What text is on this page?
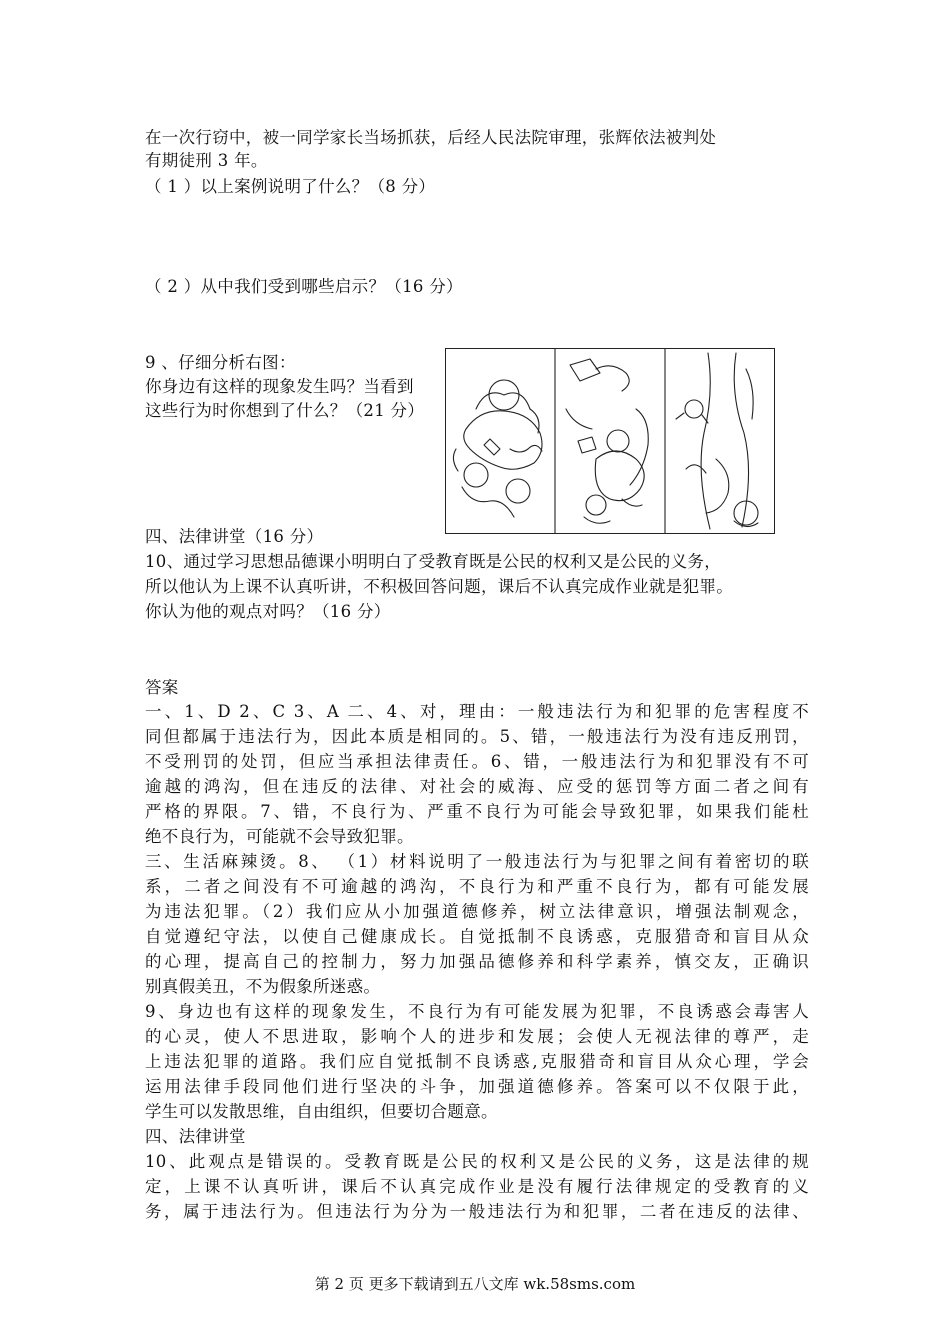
在一次行窃中，被一同学家长当场抓获，后经人民法院审理，张辉依法被判处
有期徒刑 3 年。
（ 1 ）以上案例说明了什么？（8 分）
（ 2 ）从中我们受到哪些启示？（16 分）
9 、仔细分析右图：
你身边有这样的现象发生吗？当看到
这些行为时你想到了什么？（21 分）
四、法律讲堂（16 分）
10、通过学习思想品德课小明明白了受教育既是公民的权利又是公民的义务，
所以他认为上课不认真听讲，不积极回答问题，课后不认真完成作业就是犯罪。
你认为他的观点对吗？（16 分）
答案
一、1、D 2、C 3、A 二、4、对，理由：一般违法行为和犯罪的危害程度不
同但都属于违法行为，因此本质是相同的。5、错，一般违法行为没有违反刑罚，
不受刑罚的处罚，但应当承担法律责任。6、错，一般违法行为和犯罪没有不可
逾越的鸿沟，但在违反的法律、对社会的威海、应受的惩罚等方面二者之间有
严格的界限。7、错，不良行为、严重不良行为可能会导致犯罪，如果我们能杜
绝不良行为，可能就不会导致犯罪。
三、生活麻辣烫。8、 （1）材料说明了一般违法行为与犯罪之间有着密切的联
系，二者之间没有不可逾越的鸿沟，不良行为和严重不良行为，都有可能发展
为违法犯罪。（2）我们应从小加强道德修养，树立法律意识，增强法制观念，
自觉遵纪守法，以使自己健康成长。自觉抵制不良诱惑，克服猎奇和盲目从众
的心理，提高自己的控制力，努力加强品德修养和科学素养，慎交友，正确识
别真假美丑，不为假象所迷惑。
9、身边也有这样的现象发生，不良行为有可能发展为犯罪，不良诱惑会毒害人
的心灵，使人不思进取，影响个人的进步和发展；会使人无视法律的尊严，走
上违法犯罪的道路。我们应自觉抵制不良诱惑,克服猎奇和盲目从众心理，学会
运用法律手段同他们进行坚决的斗争，加强道德修养。答案可以不仅限于此，
学生可以发散思维，自由组织，但要切合题意。
四、法律讲堂
10、此观点是错误的。受教育既是公民的权利又是公民的义务，这是法律的规
定，上课不认真听讲，课后不认真完成作业是没有履行法律规定的受教育的义
务，属于违法行为。但违法行为分为一般违法行为和犯罪，二者在违反的法律、
第 2 页 更多下载请到五八文库 wk.58sms.com
